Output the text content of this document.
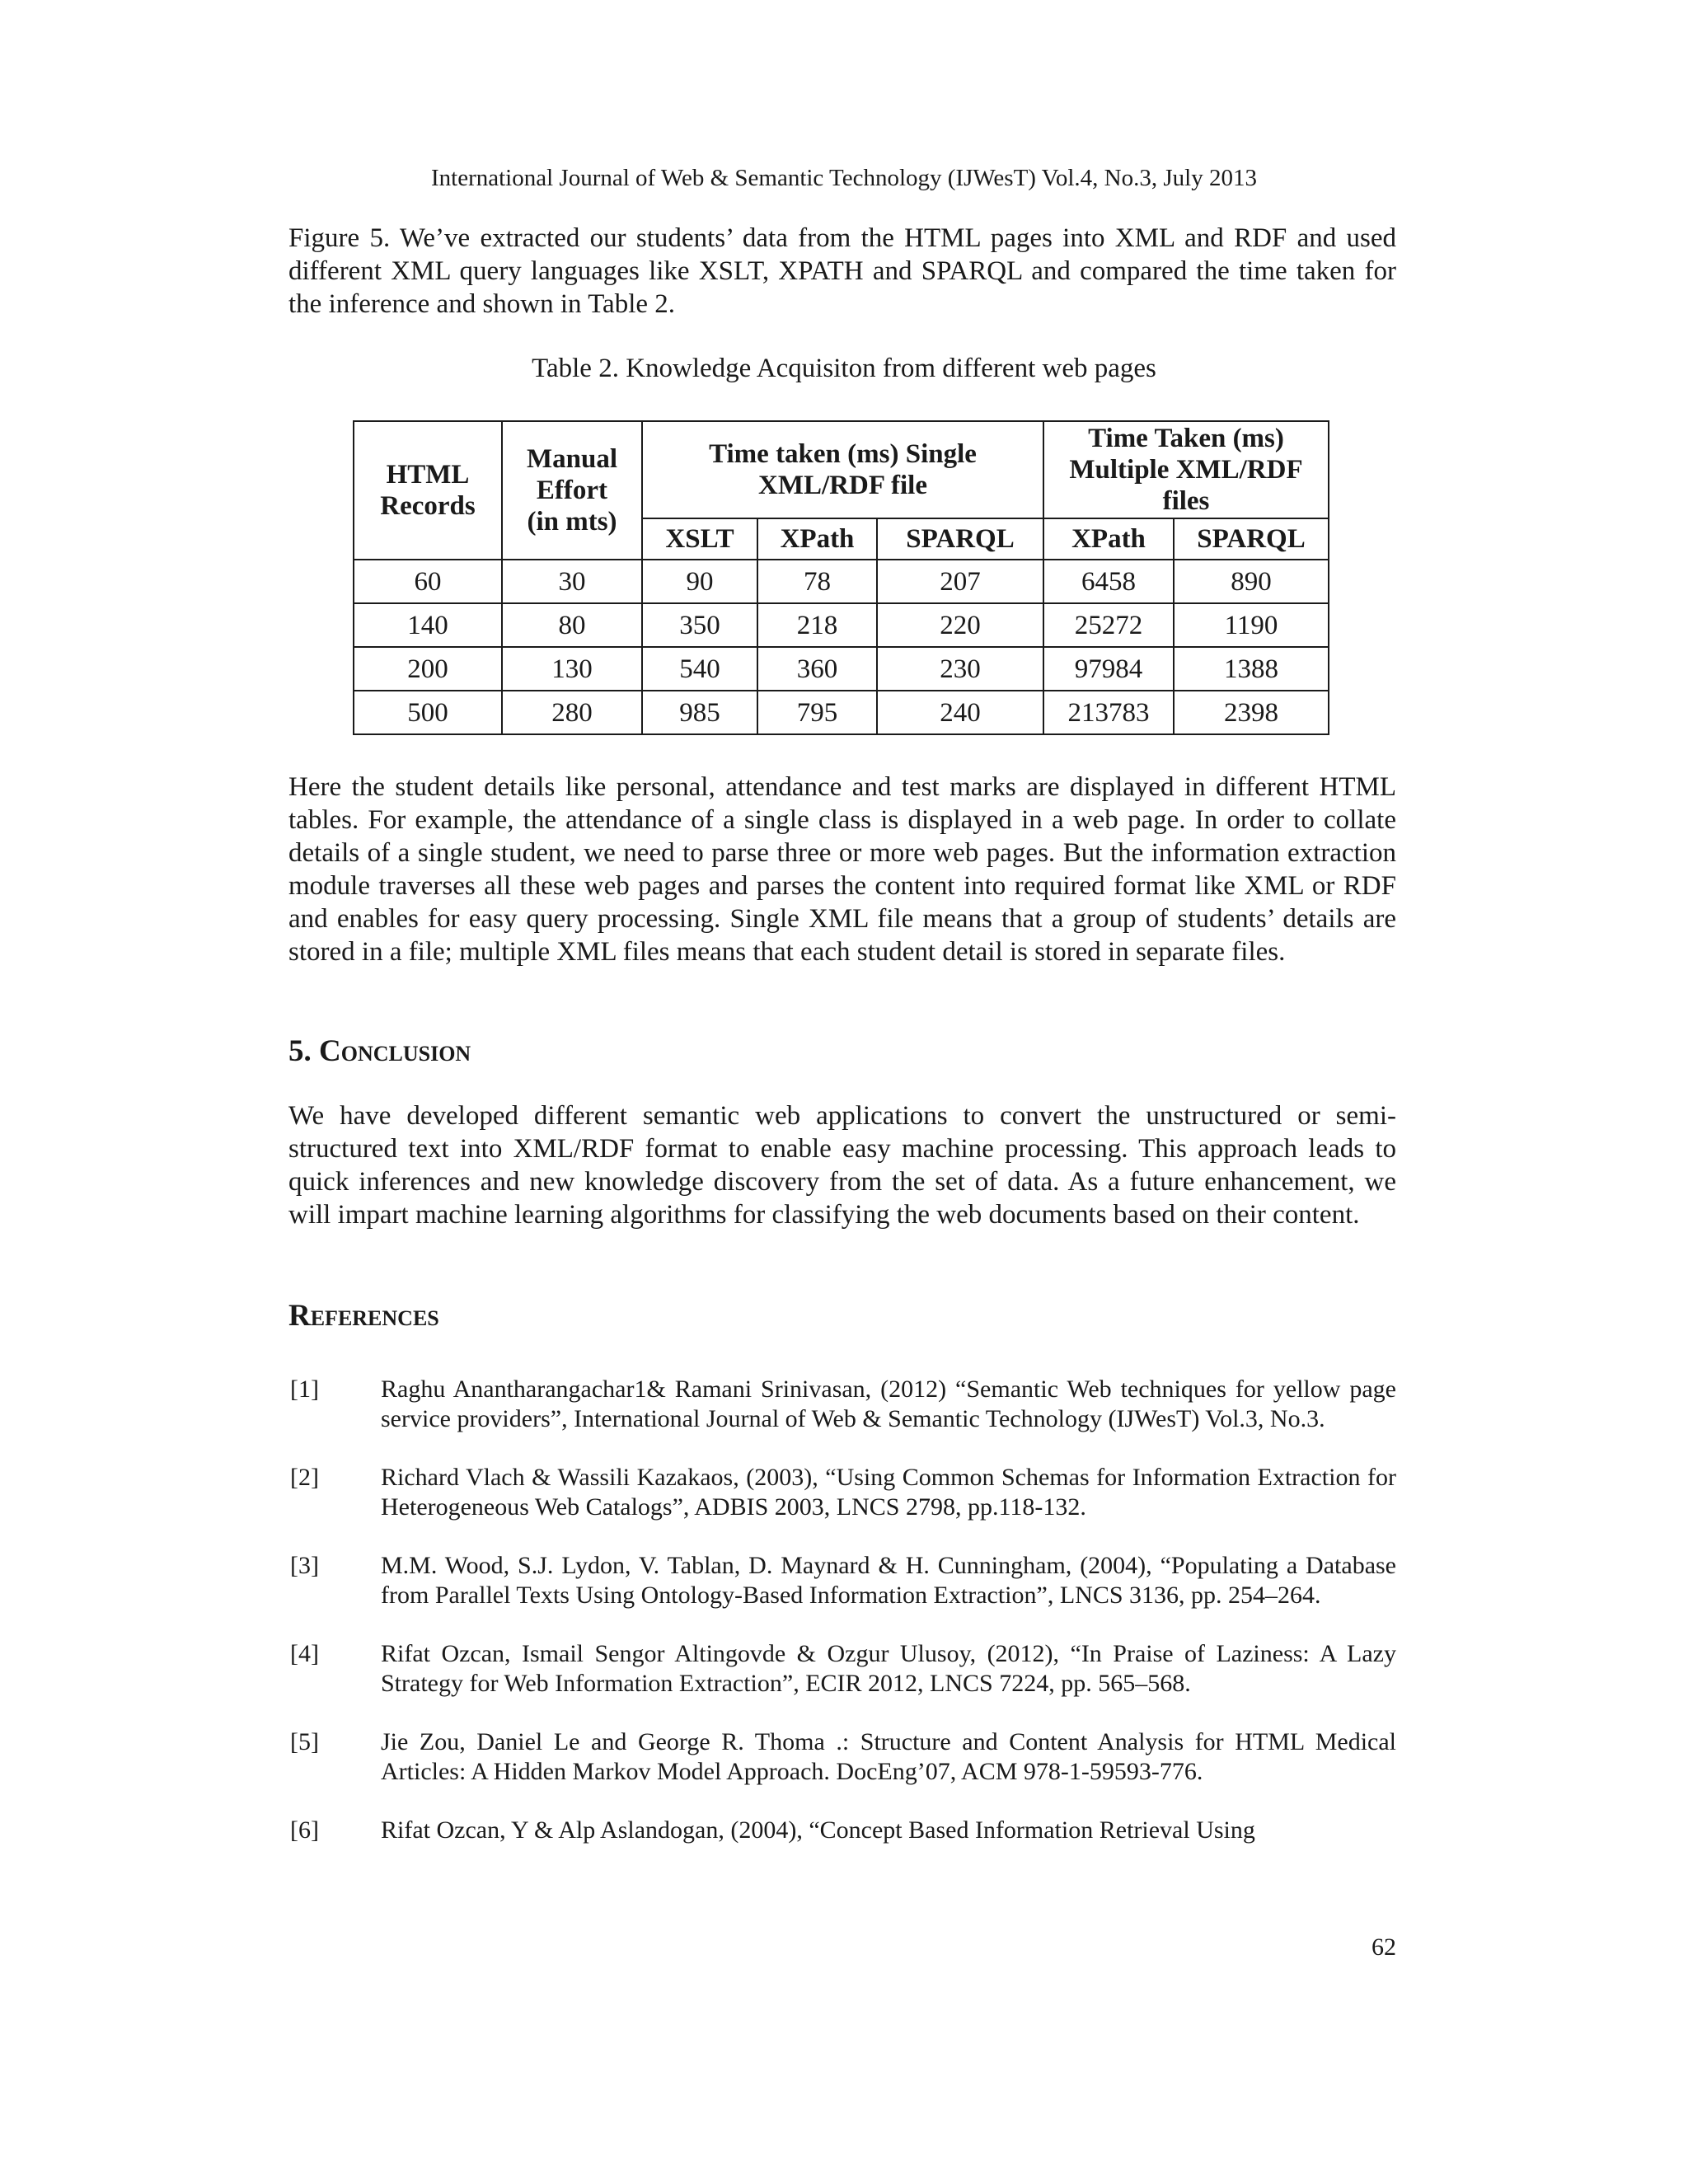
International Journal of Web & Semantic Technology (IJWesT) Vol.4, No.3, July 2013

Figure 5. We’ve extracted our students’ data from the HTML pages into XML and RDF and used different XML query languages like XSLT, XPATH and SPARQL and compared the time taken for the inference and shown in Table 2.

Table 2. Knowledge Acquisiton from different web pages
HTML Records	Manual Effort (in mts)	Time taken (ms) Single XML/RDF file			Time Taken (ms) Multiple XML/RDF files	
		XSLT	XPath	SPARQL	XPath	SPARQL
60	30	90	78	207	6458	890
140	80	350	218	220	25272	1190
200	130	540	360	230	97984	1388
500	280	985	795	240	213783	2398

Here the student details like personal, attendance and test marks are displayed in different HTML tables. For example, the attendance of a single class is displayed in a web page. In order to collate details of a single student, we need to parse three or more web pages. But the information extraction module traverses all these web pages and parses the content into required format like XML or RDF and enables for easy query processing. Single XML file means that a group of students’ details are stored in a file; multiple XML files means that each student detail is stored in separate files.

5. Conclusion

We have developed different semantic web applications to convert the unstructured or semi-structured text into XML/RDF format to enable easy machine processing. This approach leads to quick inferences and new knowledge discovery from the set of data. As a future enhancement, we will impart machine learning algorithms for classifying the web documents based on their content.

References
[1]	Raghu Anantharangachar1& Ramani Srinivasan, (2012) “Semantic Web techniques for yellow page service providers”, International Journal of Web & Semantic Technology (IJWesT) Vol.3, No.3.
[2]	Richard Vlach & Wassili Kazakaos, (2003), “Using Common Schemas for Information Extraction for Heterogeneous Web Catalogs”, ADBIS 2003, LNCS 2798, pp.118-132.
[3]	M.M. Wood, S.J. Lydon, V. Tablan, D. Maynard & H. Cunningham, (2004), “Populating a Database from Parallel Texts Using Ontology-Based Information Extraction”, LNCS 3136, pp. 254–264.
[4]	Rifat Ozcan, Ismail Sengor Altingovde & Ozgur Ulusoy, (2012), “In Praise of Laziness: A Lazy Strategy for Web Information Extraction”, ECIR 2012, LNCS 7224, pp. 565–568.
[5]	Jie Zou, Daniel Le and George R. Thoma .: Structure and Content Analysis for HTML Medical Articles: A Hidden Markov Model Approach. DocEng’07, ACM 978-1-59593-776.
[6]	Rifat Ozcan, Y & Alp Aslandogan, (2004), “Concept Based Information Retrieval Using
62
